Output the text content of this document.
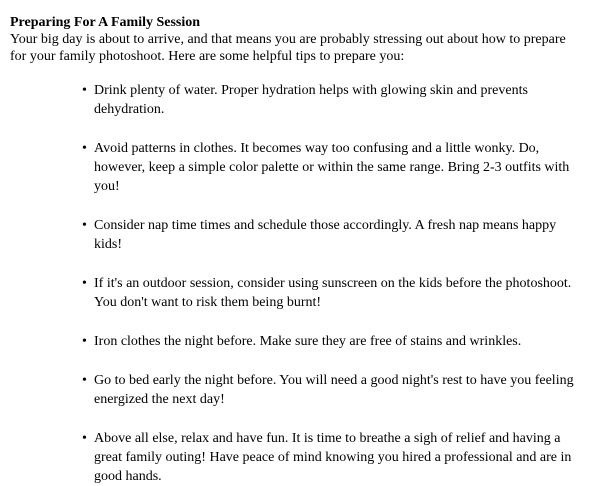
Preparing For A Family Session

Your big day is about to arrive, and that means you are probably stressing out about how to prepare for your family photoshoot. Here are some helpful tips to prepare you:

• Drink plenty of water. Proper hydration helps with glowing skin and prevents dehydration.
• Avoid patterns in clothes. It becomes way too confusing and a little wonky. Do, however, keep a simple color palette or within the same range. Bring 2-3 outfits with you!
• Consider nap time times and schedule those accordingly. A fresh nap means happy kids!
• If it's an outdoor session, consider using sunscreen on the kids before the photoshoot. You don't want to risk them being burnt!
• Iron clothes the night before. Make sure they are free of stains and wrinkles.
• Go to bed early the night before. You will need a good night's rest to have you feeling energized the next day!
• Above all else, relax and have fun. It is time to breathe a sigh of relief and having a great family outing! Have peace of mind knowing you hired a professional and are in good hands.
